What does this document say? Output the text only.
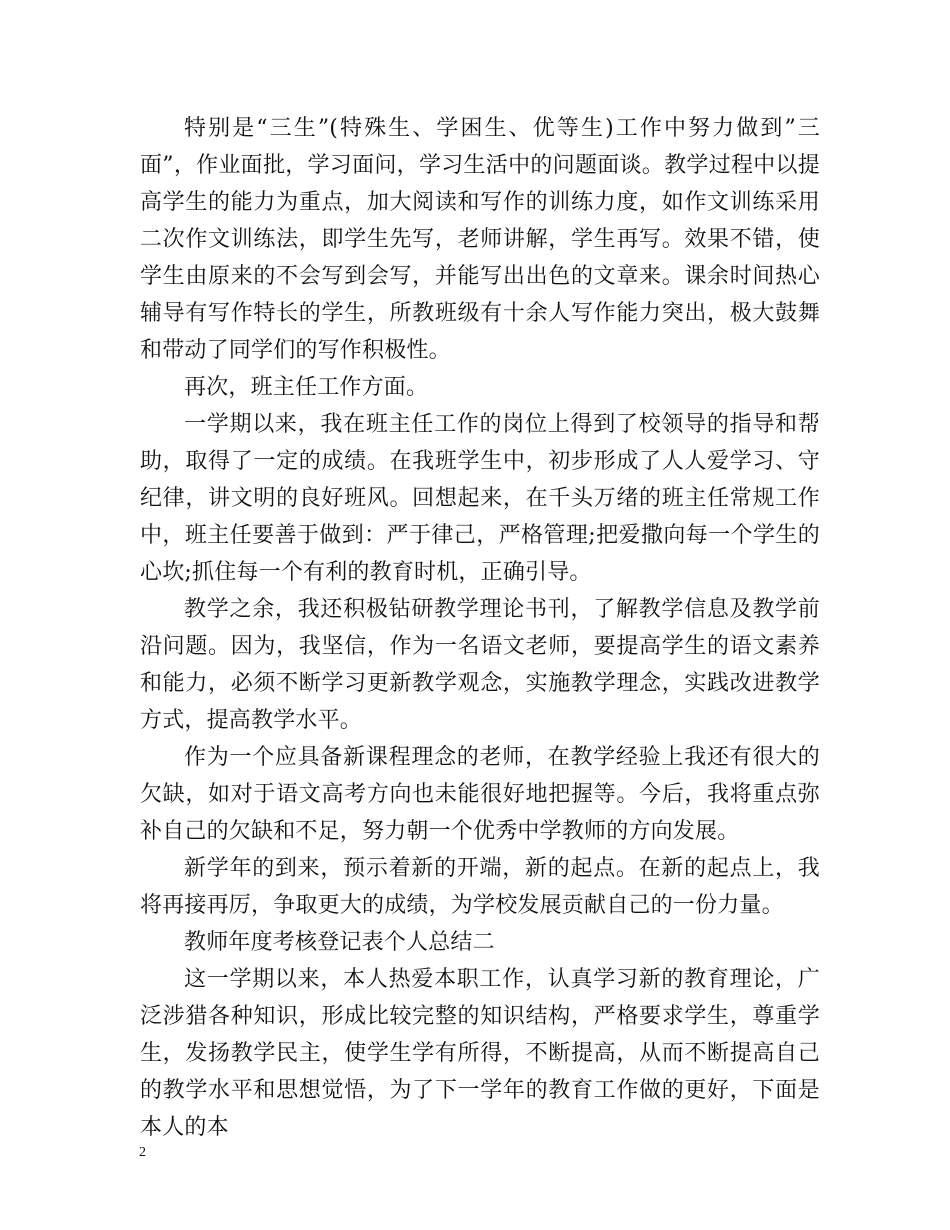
特别是“三生”(特殊生、学困生、优等生)工作中努力做到”三面”，作业面批，学习面问，学习生活中的问题面谈。教学过程中以提高学生的能力为重点，加大阅读和写作的训练力度，如作文训练采用二次作文训练法，即学生先写，老师讲解，学生再写。效果不错，使学生由原来的不会写到会写，并能写出出色的文章来。课余时间热心辅导有写作特长的学生，所教班级有十余人写作能力突出，极大鼓舞和带动了同学们的写作积极性。

再次，班主任工作方面。

一学期以来，我在班主任工作的岗位上得到了校领导的指导和帮助，取得了一定的成绩。在我班学生中，初步形成了人人爱学习、守纪律，讲文明的良好班风。回想起来，在千头万绪的班主任常规工作中，班主任要善于做到：严于律己，严格管理;把爱撒向每一个学生的心坎;抓住每一个有利的教育时机，正确引导。

教学之余，我还积极钻研教学理论书刊，了解教学信息及教学前沿问题。因为，我坚信，作为一名语文老师，要提高学生的语文素养和能力，必须不断学习更新教学观念，实施教学理念，实践改进教学方式，提高教学水平。

作为一个应具备新课程理念的老师，在教学经验上我还有很大的欠缺，如对于语文高考方向也未能很好地把握等。今后，我将重点弥补自己的欠缺和不足，努力朝一个优秀中学教师的方向发展。

新学年的到来，预示着新的开端，新的起点。在新的起点上，我将再接再厉，争取更大的成绩，为学校发展贡献自己的一份力量。

教师年度考核登记表个人总结二

这一学期以来，本人热爱本职工作，认真学习新的教育理论，广泛涉猎各种知识，形成比较完整的知识结构，严格要求学生，尊重学生，发扬教学民主，使学生学有所得，不断提高，从而不断提高自己的教学水平和思想觉悟，为了下一学年的教育工作做的更好，下面是本人的本

2
